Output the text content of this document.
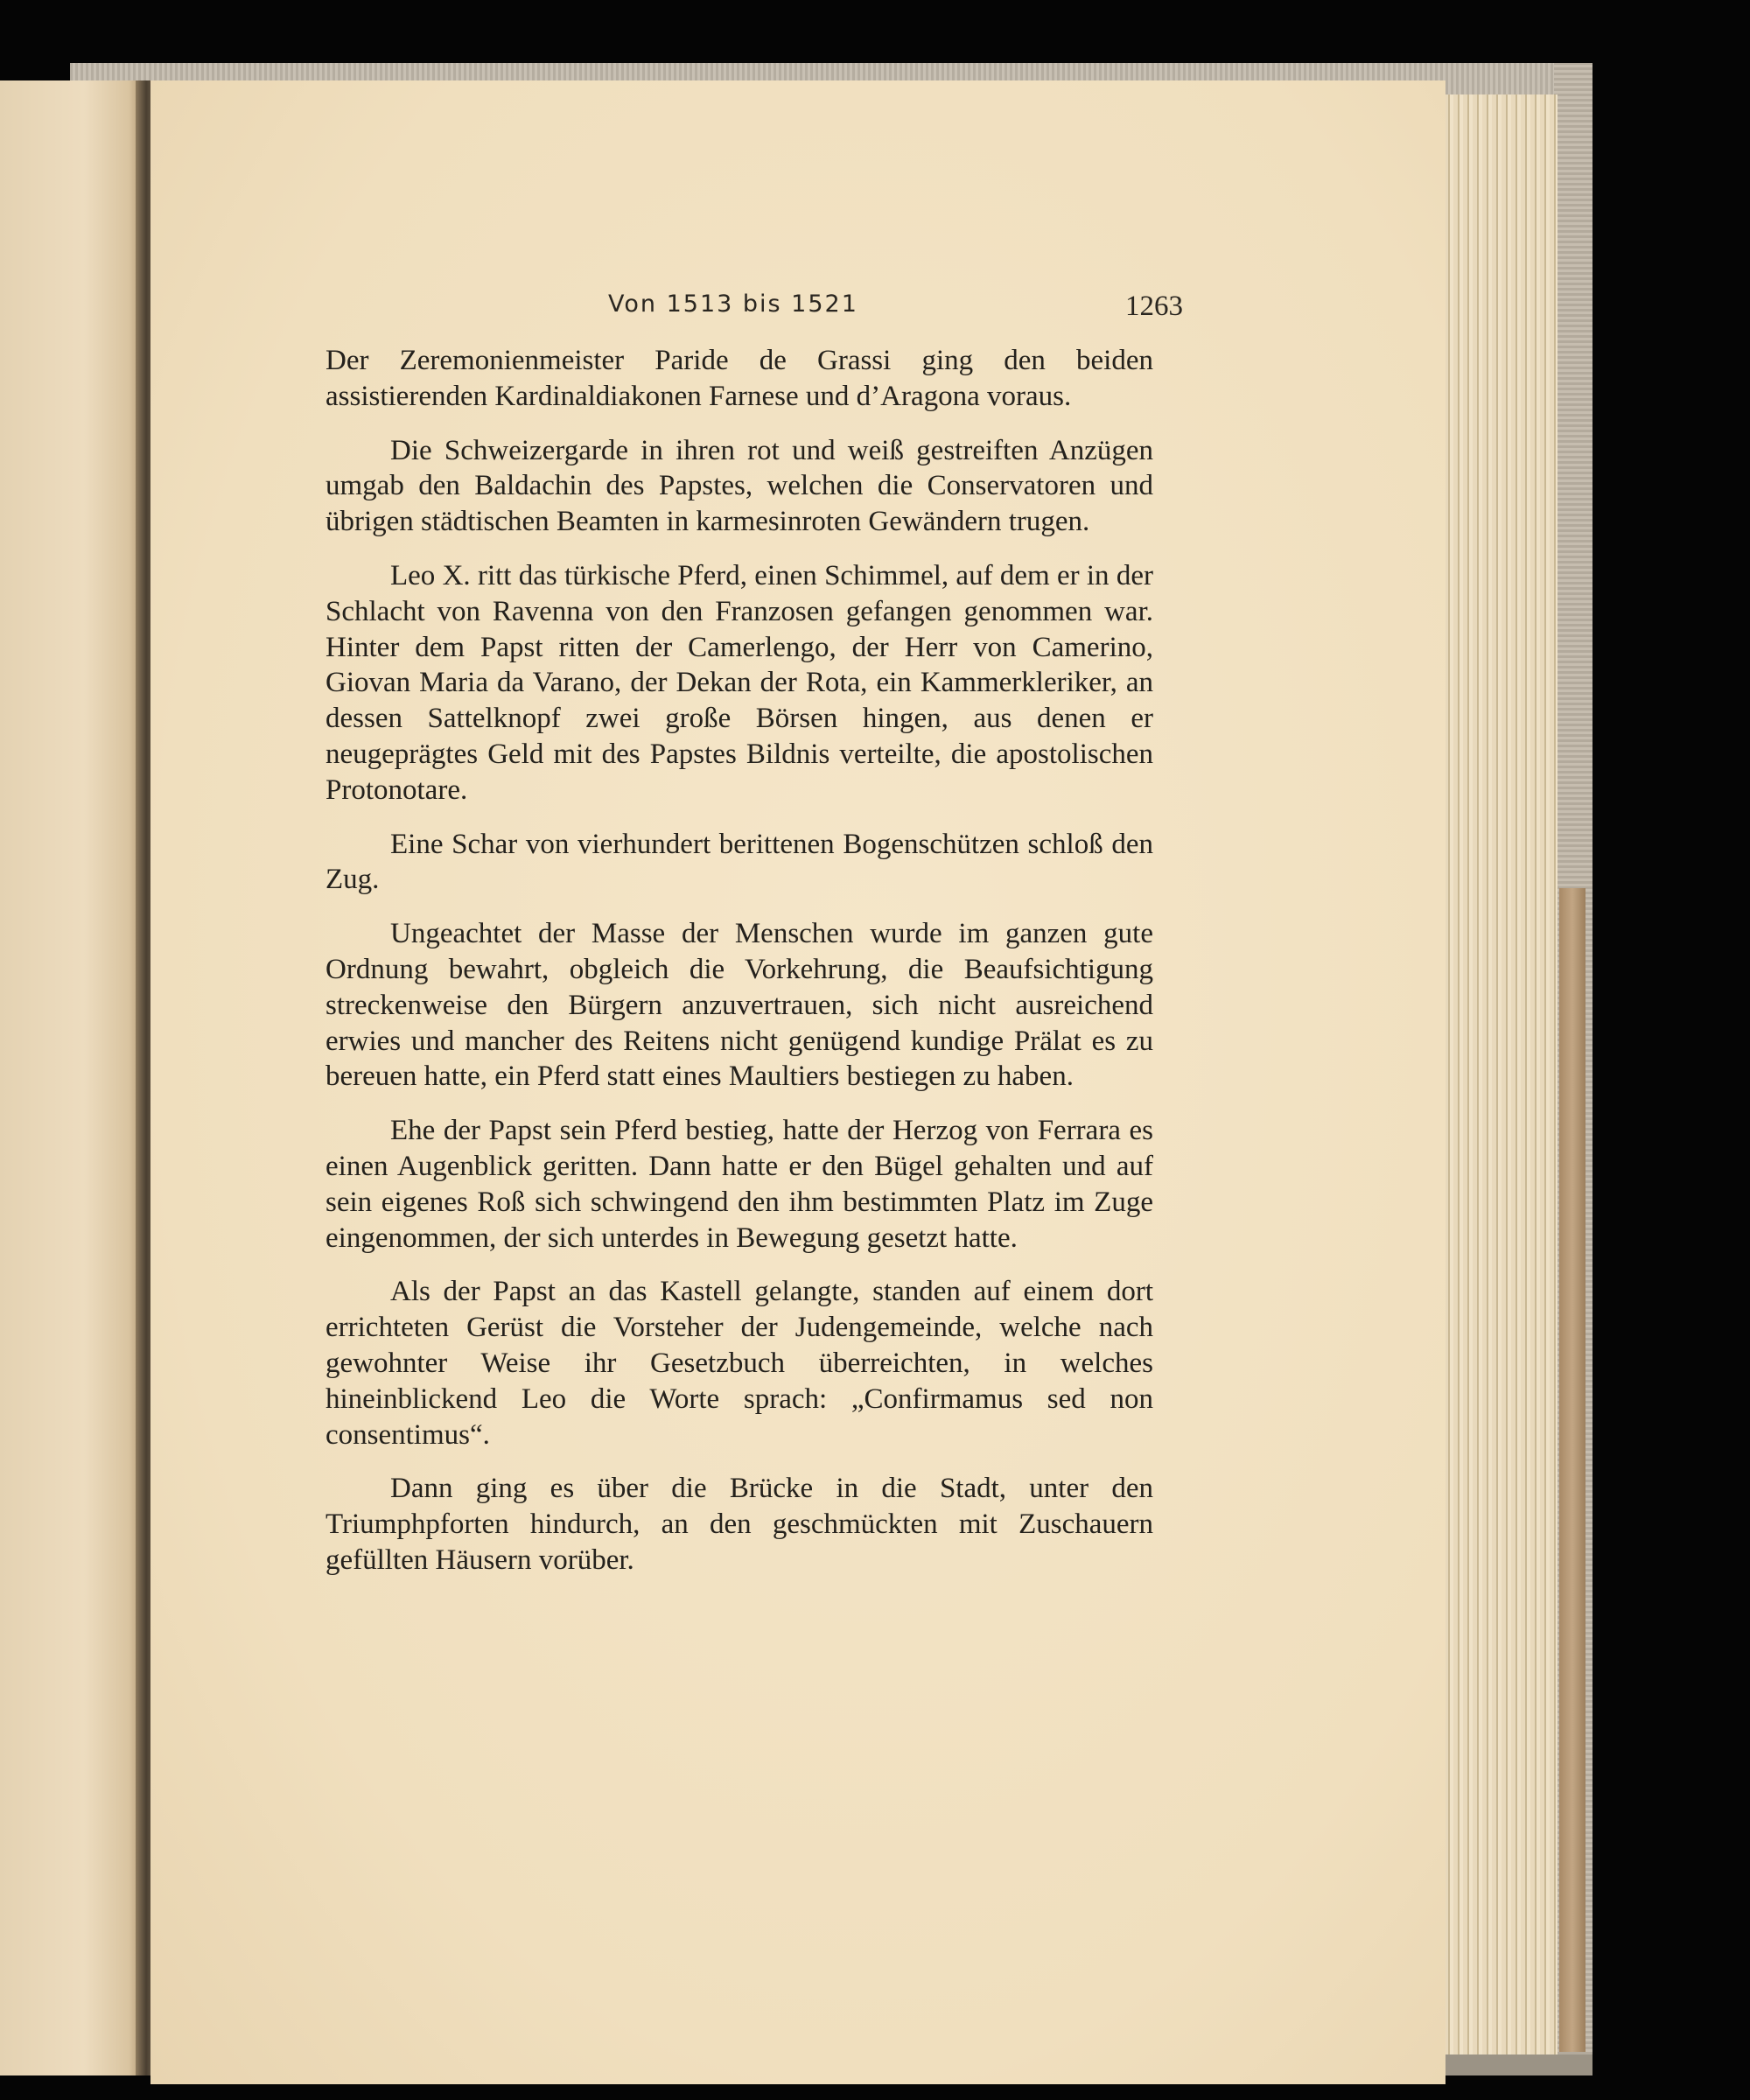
Von 1513 bis 1521	1263

Der Zeremonienmeister Paride de Grassi ging den beiden assistierenden Kardinaldiakonen Farnese und d’Aragona voraus.

Die Schweizergarde in ihren rot und weiß gestreiften Anzügen umgab den Baldachin des Papstes, welchen die Conservatoren und übrigen städtischen Beamten in karmesinroten Gewändern trugen.

Leo X. ritt das türkische Pferd, einen Schimmel, auf dem er in der Schlacht von Ravenna von den Franzosen gefangen genommen war. Hinter dem Papst ritten der Camerlengo, der Herr von Camerino, Giovan Maria da Varano, der Dekan der Rota, ein Kammerkleriker, an dessen Sattelknopf zwei große Börsen hingen, aus denen er neugeprägtes Geld mit des Papstes Bildnis verteilte, die apostolischen Protonotare.

Eine Schar von vierhundert berittenen Bogenschützen schloß den Zug.

Ungeachtet der Masse der Menschen wurde im ganzen gute Ordnung bewahrt, obgleich die Vorkehrung, die Beaufsichtigung streckenweise den Bürgern anzuvertrauen, sich nicht ausreichend erwies und mancher des Reitens nicht genügend kundige Prälat es zu bereuen hatte, ein Pferd statt eines Maultiers bestiegen zu haben.

Ehe der Papst sein Pferd bestieg, hatte der Herzog von Ferrara es einen Augenblick geritten. Dann hatte er den Bügel gehalten und auf sein eigenes Roß sich schwingend den ihm bestimmten Platz im Zuge eingenommen, der sich unterdes in Bewegung gesetzt hatte.

Als der Papst an das Kastell gelangte, standen auf einem dort errichteten Gerüst die Vorsteher der Judengemeinde, welche nach gewohnter Weise ihr Gesetzbuch überreichten, in welches hineinblickend Leo die Worte sprach: „Confirmamus sed non consentimus“.

Dann ging es über die Brücke in die Stadt, unter den Triumphpforten hindurch, an den geschmückten mit Zuschauern gefüllten Häusern vorüber.
